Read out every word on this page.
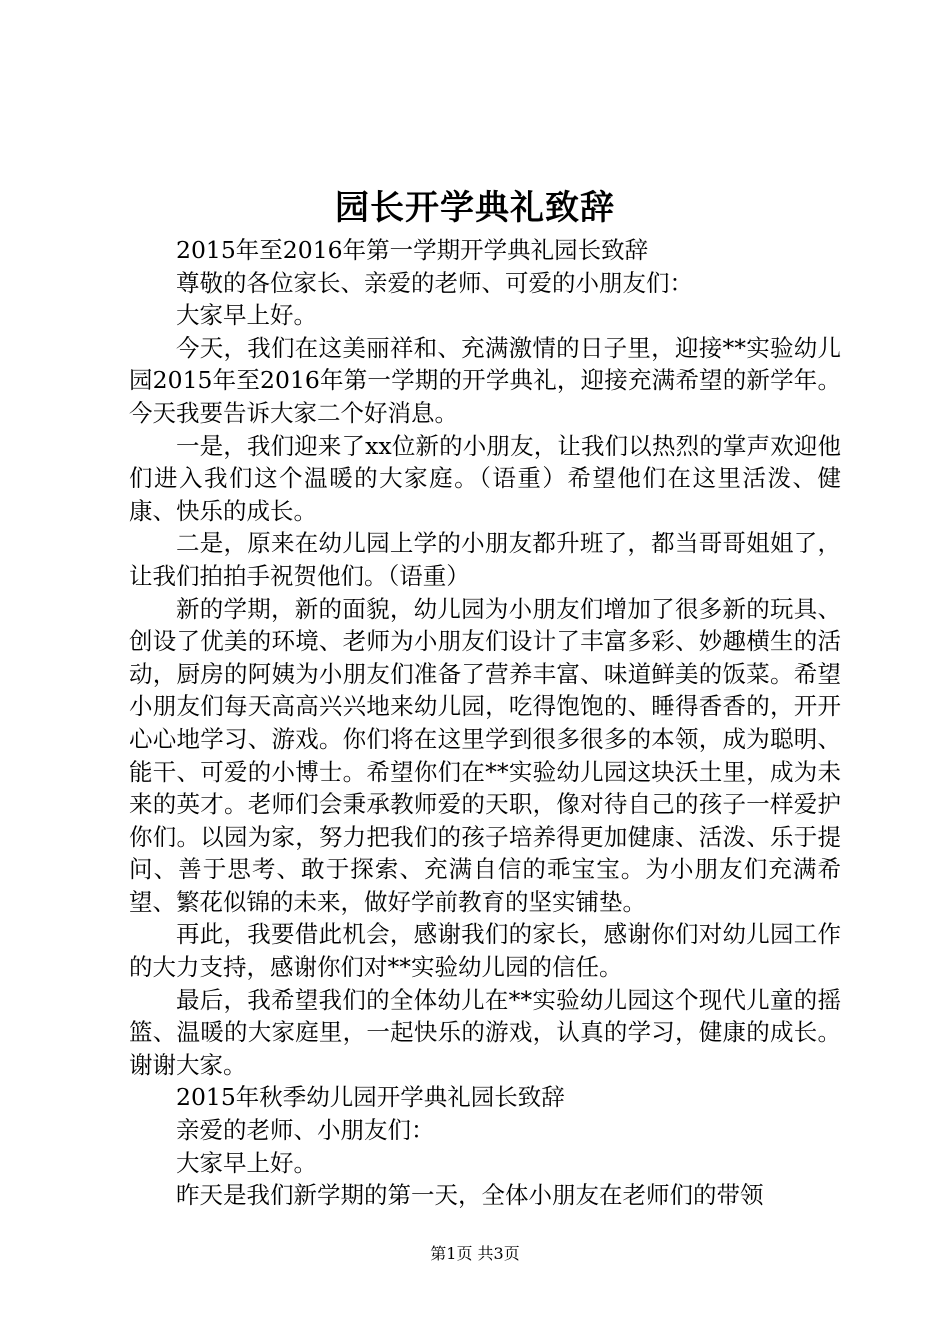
园长开学典礼致辞

2015年至2016年第一学期开学典礼园长致辞

尊敬的各位家长、亲爱的老师、可爱的小朋友们：

大家早上好。

今天，我们在这美丽祥和、充满激情的日子里，迎接**实验幼儿园2015年至2016年第一学期的开学典礼，迎接充满希望的新学年。今天我要告诉大家二个好消息。

一是，我们迎来了xx位新的小朋友，让我们以热烈的掌声欢迎他们进入我们这个温暖的大家庭。（语重）希望他们在这里活泼、健康、快乐的成长。

二是，原来在幼儿园上学的小朋友都升班了，都当哥哥姐姐了，让我们拍拍手祝贺他们。（语重）

新的学期，新的面貌，幼儿园为小朋友们增加了很多新的玩具、创设了优美的环境、老师为小朋友们设计了丰富多彩、妙趣横生的活动，厨房的阿姨为小朋友们准备了营养丰富、味道鲜美的饭菜。希望小朋友们每天高高兴兴地来幼儿园，吃得饱饱的、睡得香香的，开开心心地学习、游戏。你们将在这里学到很多很多的本领，成为聪明、能干、可爱的小博士。希望你们在**实验幼儿园这块沃土里，成为未来的英才。老师们会秉承教师爱的天职，像对待自己的孩子一样爱护你们。以园为家，努力把我们的孩子培养得更加健康、活泼、乐于提问、善于思考、敢于探索、充满自信的乖宝宝。为小朋友们充满希望、繁花似锦的未来，做好学前教育的坚实铺垫。

再此，我要借此机会，感谢我们的家长，感谢你们对幼儿园工作的大力支持，感谢你们对**实验幼儿园的信任。

最后，我希望我们的全体幼儿在**实验幼儿园这个现代儿童的摇篮、温暖的大家庭里，一起快乐的游戏，认真的学习，健康的成长。谢谢大家。

2015年秋季幼儿园开学典礼园长致辞

亲爱的老师、小朋友们：

大家早上好。

昨天是我们新学期的第一天，全体小朋友在老师们的带领

第1页 共3页
